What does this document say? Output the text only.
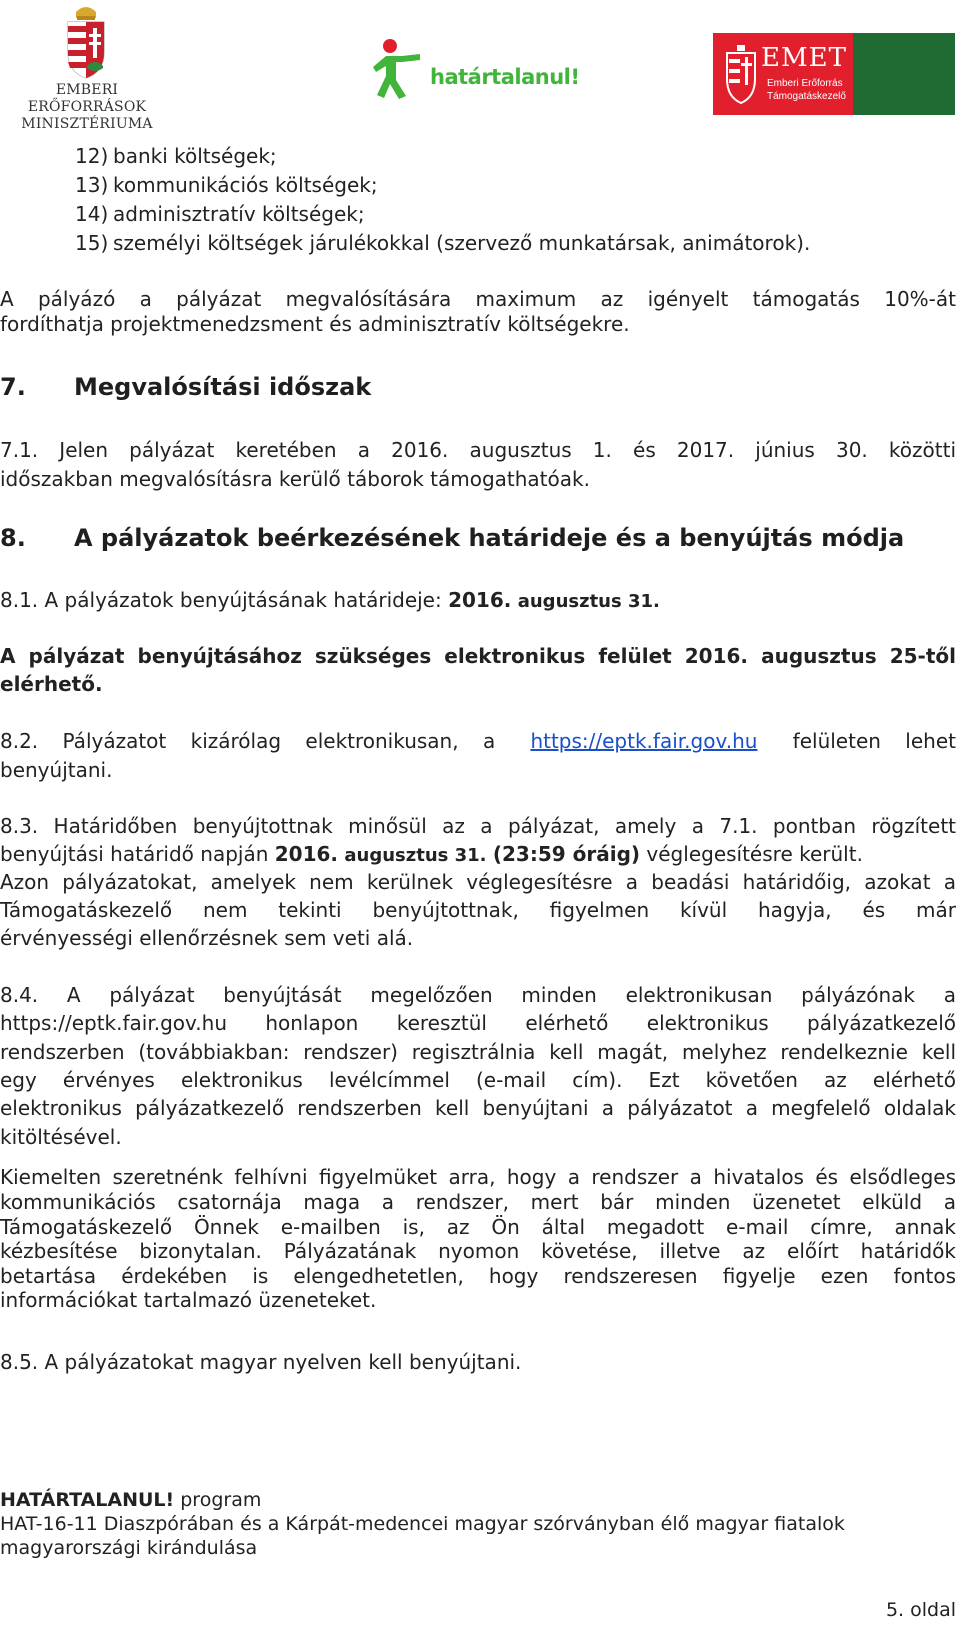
EMBERI ERŐFORRÁSOK
MINISZTÉRIUMA
határtalanul!
EMET
Emberi Erőforrás
Támogatáskezelő
12) banki költségek;
13) kommunikációs költségek;
14) adminisztratív költségek;
15) személyi költségek járulékokkal (szervező munkatársak, animátorok).
A pályázó a pályázat megvalósítására maximum az igényelt támogatás 10%-át
fordíthatja projektmenedzsment és adminisztratív költségekre.
7. Megvalósítási időszak
7.1. Jelen pályázat keretében a 2016. augusztus 1. és 2017. június 30. közötti
időszakban megvalósításra kerülő táborok támogathatóak.
8. A pályázatok beérkezésének határideje és a benyújtás módja
8.1. A pályázatok benyújtásának határideje: 2016. augusztus 31.
A pályázat benyújtásához szükséges elektronikus felület 2016. augusztus 25-től
elérhető.
8.2. Pályázatot kizárólag elektronikusan, a https://eptk.fair.gov.hu felületen lehet
benyújtani.
8.3. Határidőben benyújtottnak minősül az a pályázat, amely a 7.1. pontban rögzített
benyújtási határidő napján 2016. augusztus 31. (23:59 óráig) véglegesítésre került.
Azon pályázatokat, amelyek nem kerülnek véglegesítésre a beadási határidőig, azokat a
Támogatáskezelő nem tekinti benyújtottnak, figyelmen kívül hagyja, és már
érvényességi ellenőrzésnek sem veti alá.
8.4. A pályázat benyújtását megelőzően minden elektronikusan pályázónak a
https://eptk.fair.gov.hu honlapon keresztül elérhető elektronikus pályázatkezelő
rendszerben (továbbiakban: rendszer) regisztrálnia kell magát, melyhez rendelkeznie kell
egy érvényes elektronikus levélcímmel (e-mail cím). Ezt követően az elérhető
elektronikus pályázatkezelő rendszerben kell benyújtani a pályázatot a megfelelő oldalak
kitöltésével.
Kiemelten szeretnénk felhívni figyelmüket arra, hogy a rendszer a hivatalos és elsődleges
kommunikációs csatornája maga a rendszer, mert bár minden üzenetet elküld a
Támogatáskezelő Önnek e-mailben is, az Ön által megadott e-mail címre, annak
kézbesítése bizonytalan. Pályázatának nyomon követése, illetve az előírt határidők
betartása érdekében is elengedhetetlen, hogy rendszeresen figyelje ezen fontos
információkat tartalmazó üzeneteket.
8.5. A pályázatokat magyar nyelven kell benyújtani.
HATÁRTALANUL! program
HAT-16-11 Diaszpórában és a Kárpát-medencei magyar szórványban élő magyar fiatalok
magyarországi kirándulása
5. oldal
